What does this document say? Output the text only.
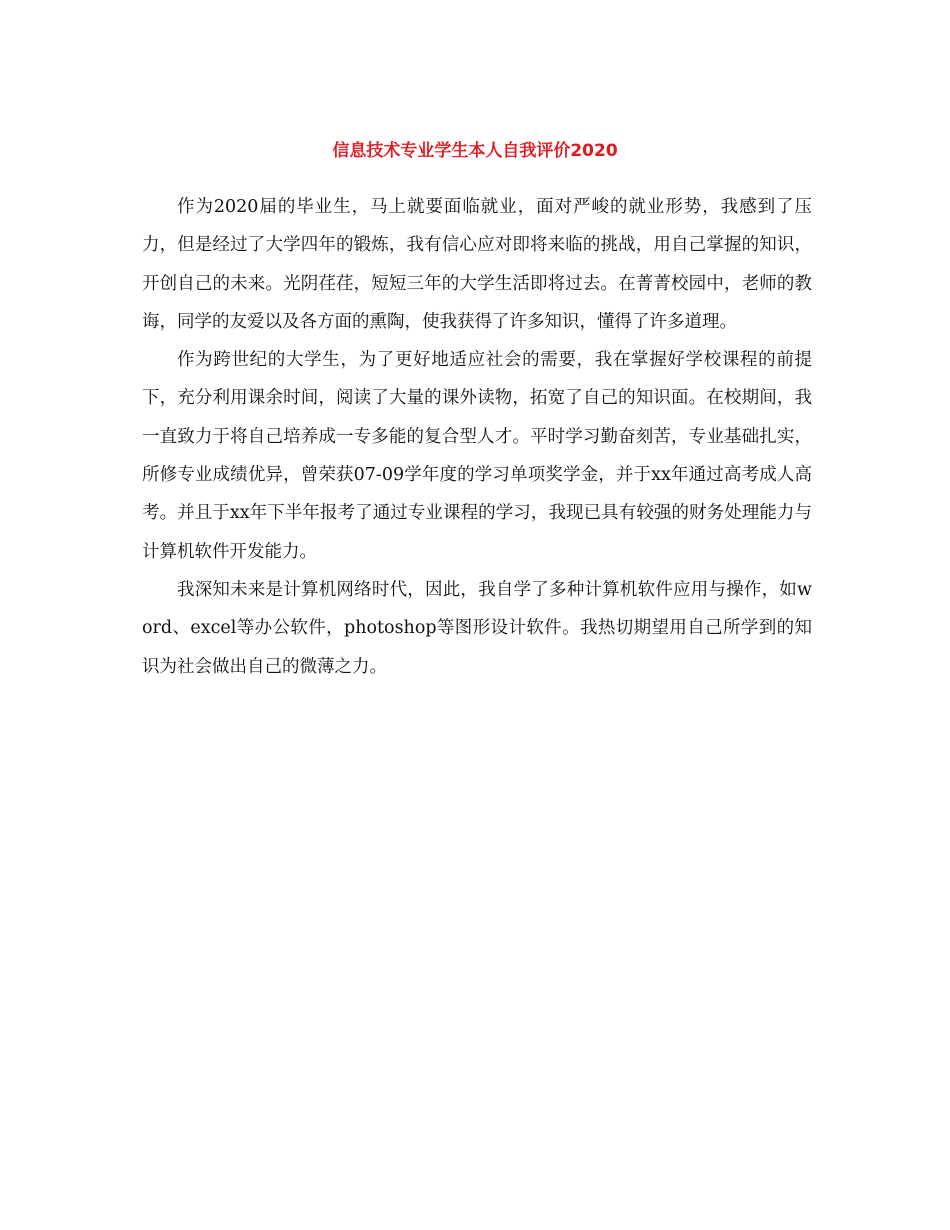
信息技术专业学生本人自我评价2020

作为2020届的毕业生，马上就要面临就业，面对严峻的就业形势，我感到了压力，但是经过了大学四年的锻炼，我有信心应对即将来临的挑战，用自己掌握的知识，开创自己的未来。光阴荏荏，短短三年的大学生活即将过去。在菁菁校园中，老师的教诲，同学的友爱以及各方面的熏陶，使我获得了许多知识，懂得了许多道理。

作为跨世纪的大学生，为了更好地适应社会的需要，我在掌握好学校课程的前提下，充分利用课余时间，阅读了大量的课外读物，拓宽了自己的知识面。在校期间，我一直致力于将自己培养成一专多能的复合型人才。平时学习勤奋刻苦，专业基础扎实，所修专业成绩优异，曾荣获07-09学年度的学习单项奖学金，并于xx年通过高考成人高考。并且于xx年下半年报考了通过专业课程的学习，我现已具有较强的财务处理能力与计算机软件开发能力。

我深知未来是计算机网络时代，因此，我自学了多种计算机软件应用与操作，如word、excel等办公软件，photoshop等图形设计软件。我热切期望用自己所学到的知识为社会做出自己的微薄之力。
